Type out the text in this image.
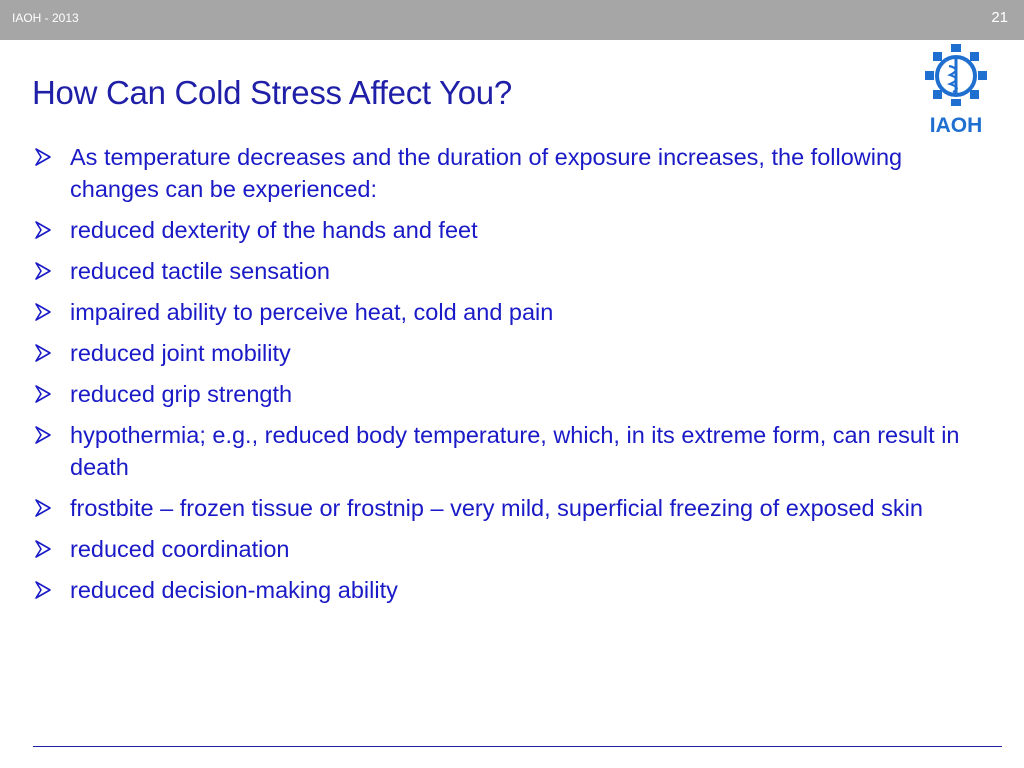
IAOH - 2013	21
How Can Cold Stress Affect You?
IAOH
As temperature decreases and the duration of exposure increases, the following changes can be experienced:
reduced dexterity of the hands and feet
reduced tactile sensation
impaired ability to perceive heat, cold and pain
reduced joint mobility
reduced grip strength
hypothermia; e.g., reduced body temperature, which, in its extreme form, can result in death
frostbite – frozen tissue or frostnip – very mild, superficial freezing of exposed skin
reduced coordination
reduced decision-making ability
